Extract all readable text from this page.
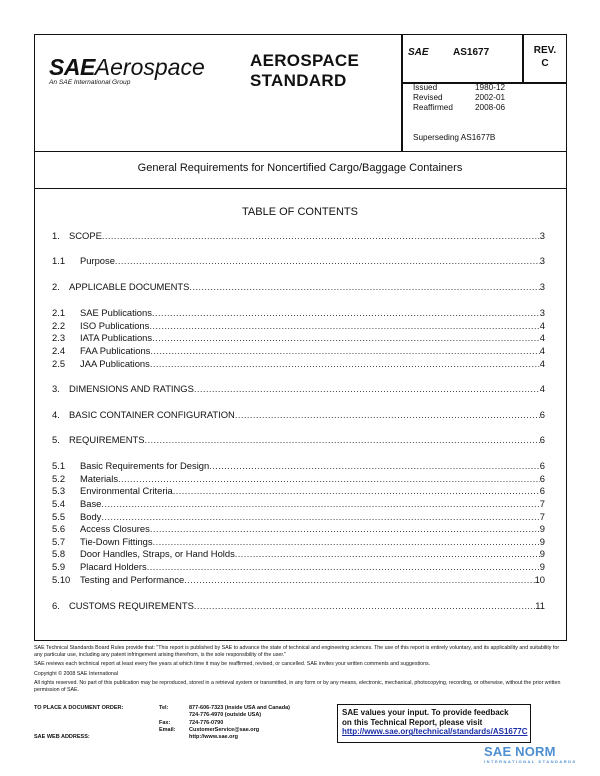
SAEAerospace
An SAE International Group
AEROSPACE
STANDARD
SAE AS1677	REV.
C
Issued	1980-12
Revised	2002-01
Reaffirmed	2008-06
Superseding AS1677B
General Requirements for Noncertified Cargo/Baggage Containers
TABLE OF CONTENTS
1. SCOPE .....	3
1.1	Purpose .....	3
2. APPLICABLE DOCUMENTS .....	3
2.1	SAE Publications .....	3
2.2	ISO Publications .....	4
2.3	IATA Publications .....	4
2.4	FAA Publications .....	4
2.5	JAA Publications .....	4
3. DIMENSIONS AND RATINGS .....	4
4. BASIC CONTAINER CONFIGURATION .....	6
5. REQUIREMENTS .....	6
5.1	Basic Requirements for Design .....	6
5.2	Materials .....	6
5.3	Environmental Criteria .....	6
5.4	Base .....	7
5.5	Body .....	7
5.6	Access Closures .....	9
5.7	Tie-Down Fittings .....	9
5.8	Door Handles, Straps, or Hand Holds .....	9
5.9	Placard Holders .....	9
5.10	Testing and Performance .....	10
6. CUSTOMS REQUIREMENTS .....	11

SAE Technical Standards Board Rules provide that: "This report is published by SAE to advance the state of technical and engineering sciences. The use of this report is entirely voluntary, and its applicability and suitability for any particular use, including any patent infringement arising therefrom, is the sole responsibility of the user."

SAE reviews each technical report at least every five years at which time it may be reaffirmed, revised, or cancelled. SAE invites your written comments and suggestions.

Copyright © 2008 SAE International

All rights reserved. No part of this publication may be reproduced, stored in a retrieval system or transmitted, in any form or by any means, electronic, mechanical, photocopying, recording, or otherwise, without the prior written permission of SAE.

TO PLACE A DOCUMENT ORDER:	Tel:	877-606-7323 (inside USA and Canada)
		724-776-4970 (outside USA)
	Fax:	724-776-0790
	Email:	CustomerService@sae.org
SAE WEB ADDRESS:		http://www.sae.org
SAE values your input. To provide feedback
on this Technical Report, please visit
http://www.sae.org/technical/standards/AS1677C
SAE NORM
INTERNATIONAL STANDARDS
